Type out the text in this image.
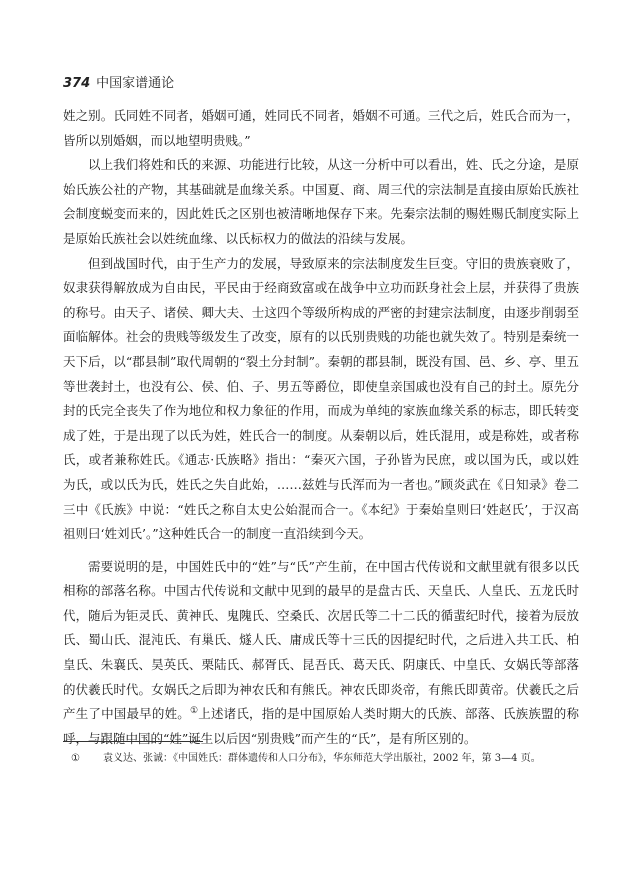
374 中国家谱通论

姓之别。氏同姓不同者，婚姻可通，姓同氏不同者，婚姻不可通。三代之后，姓氏合而为一，皆所以别婚姻，而以地望明贵贱。”

以上我们将姓和氏的来源、功能进行比较，从这一分析中可以看出，姓、氏之分途，是原始氏族公社的产物，其基础就是血缘关系。中国夏、商、周三代的宗法制是直接由原始氏族社会制度蜕变而来的，因此姓氏之区别也被清晰地保存下来。先秦宗法制的赐姓赐氏制度实际上是原始氏族社会以姓统血缘、以氏标权力的做法的沿续与发展。

但到战国时代，由于生产力的发展，导致原来的宗法制度发生巨变。守旧的贵族衰败了，奴隶获得解放成为自由民，平民由于经商致富或在战争中立功而跃身社会上层，并获得了贵族的称号。由天子、诸侯、卿大夫、士这四个等级所构成的严密的封建宗法制度，由逐步削弱至面临解体。社会的贵贱等级发生了改变，原有的以氏别贵贱的功能也就失效了。特别是秦统一天下后，以“郡县制”取代周朝的“裂土分封制”。秦朝的郡县制，既没有国、邑、乡、亭、里五等世袭封土，也没有公、侯、伯、子、男五等爵位，即使皇亲国戚也没有自己的封土。原先分封的氏完全丧失了作为地位和权力象征的作用，而成为单纯的家族血缘关系的标志，即氏转变成了姓，于是出现了以氏为姓，姓氏合一的制度。从秦朝以后，姓氏混用，或是称姓，或者称氏，或者兼称姓氏。《通志·氏族略》指出：“秦灭六国，子孙皆为民庶，或以国为氏，或以姓为氏，或以氏为氏，姓氏之失自此始，……兹姓与氏浑而为一者也。”顾炎武在《日知录》卷二三中《氏族》中说：“姓氏之称自太史公始混而合一。《本纪》于秦始皇则曰‘姓赵氏’，于汉高祖则曰‘姓刘氏’。”这种姓氏合一的制度一直沿续到今天。

需要说明的是，中国姓氏中的“姓”与“氏”产生前，在中国古代传说和文献里就有很多以氏相称的部落名称。中国古代传说和文献中见到的最早的是盘古氏、天皇氏、人皇氏、五龙氏时代，随后为钜灵氏、黄神氏、鬼隗氏、空桑氏、次居氏等二十二氏的循蜚纪时代，接着为辰放氏、蜀山氏、混沌氏、有巢氏、燧人氏、庸成氏等十三氏的因提纪时代，之后进入共工氏、柏皇氏、朱襄氏、昊英氏、栗陆氏、郝胥氏、昆吾氏、葛天氏、阴康氏、中皇氏、女娲氏等部落的伏羲氏时代。女娲氏之后即为神农氏和有熊氏。神农氏即炎帝，有熊氏即黄帝。伏羲氏之后产生了中国最早的姓。①上述诸氏，指的是中国原始人类时期大的氏族、部落、氏族族盟的称呼，与跟随中国的“姓”诞生以后因“别贵贱”而产生的“氏”，是有所区别的。

① 袁义达、张诚：《中国姓氏：群体遗传和人口分布》，华东师范大学出版社，2002 年，第 3—4 页。
